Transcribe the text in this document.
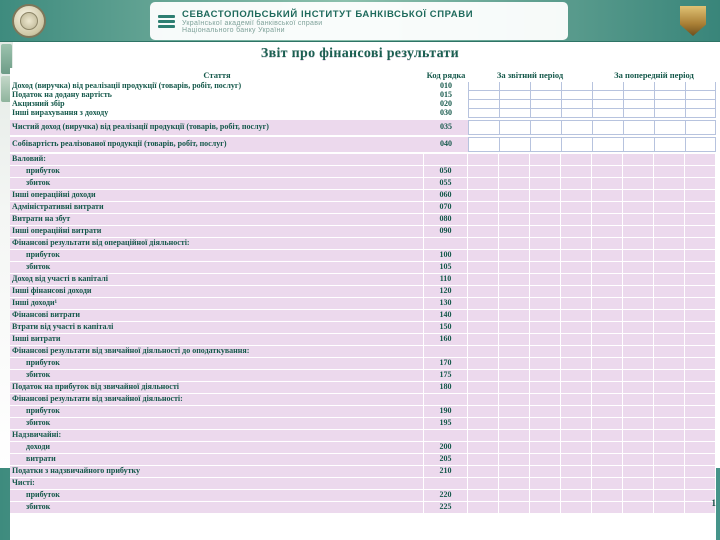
СЕВАСТОПОЛЬСЬКИЙ ІНСТИТУТ БАНКІВСЬКОЇ СПРАВИ
Української академії банківської справи
Національного банку України
1
Звіт про фінансові результати
Стаття	Код рядка	За звітний період	За попередній період
Доход (виручка) від реалізації продукції (товарів, робіт, послуг)	010
Податок на додану вартість	015
Акцизний збір	020
Інші вирахування з доходу	030
Чистий доход (виручка) від реалізації продукції (товарів, робіт, послуг)	035
Собівартість реалізованої продукції (товарів, робіт, послуг)	040
Валовий:
прибуток	050
збиток	055
Інші операційні доходи	060
Адміністративні витрати	070
Витрати на збут	080
Інші операційні витрати	090
Фінансові результати від операційної діяльності:
прибуток	100
збиток	105
Доход від участі в капіталі	110
Інші фінансові доходи	120
Інші доходи¹	130
Фінансові витрати	140
Втрати від участі в капіталі	150
Інші витрати	160
Фінансові результати від звичайної діяльності до оподаткування:
прибуток	170
збиток	175
Податок на прибуток від звичайної діяльності	180
Фінансові результати від звичайної діяльності:
прибуток	190
збиток	195
Надзвичайні:
доходи	200
витрати	205
Податки з надзвичайного прибутку	210
Чисті:
прибуток	220
збиток	225
